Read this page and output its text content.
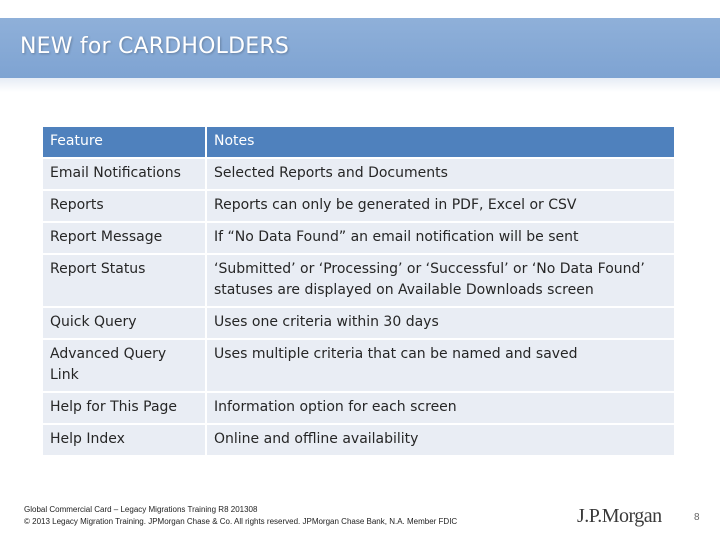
NEW for CARDHOLDERS
Feature	Notes
Email Notifications	Selected Reports and Documents
Reports	Reports can only be generated in PDF, Excel or CSV
Report Message	If “No Data Found” an email notification will be sent
Report Status	‘Submitted’ or ‘Processing’ or ‘Successful’ or ‘No Data Found’ statuses are displayed on Available Downloads screen
Quick Query	Uses one criteria within 30 days
Advanced Query Link	Uses multiple criteria that can be named and saved
Help for This Page	Information option for each screen
Help Index	Online and offline availability
Global Commercial Card – Legacy Migrations Training R8 201308
© 2013 Legacy Migration Training. JPMorgan Chase & Co. All rights reserved. JPMorgan Chase Bank, N.A. Member FDIC	J.P.Morgan	8
